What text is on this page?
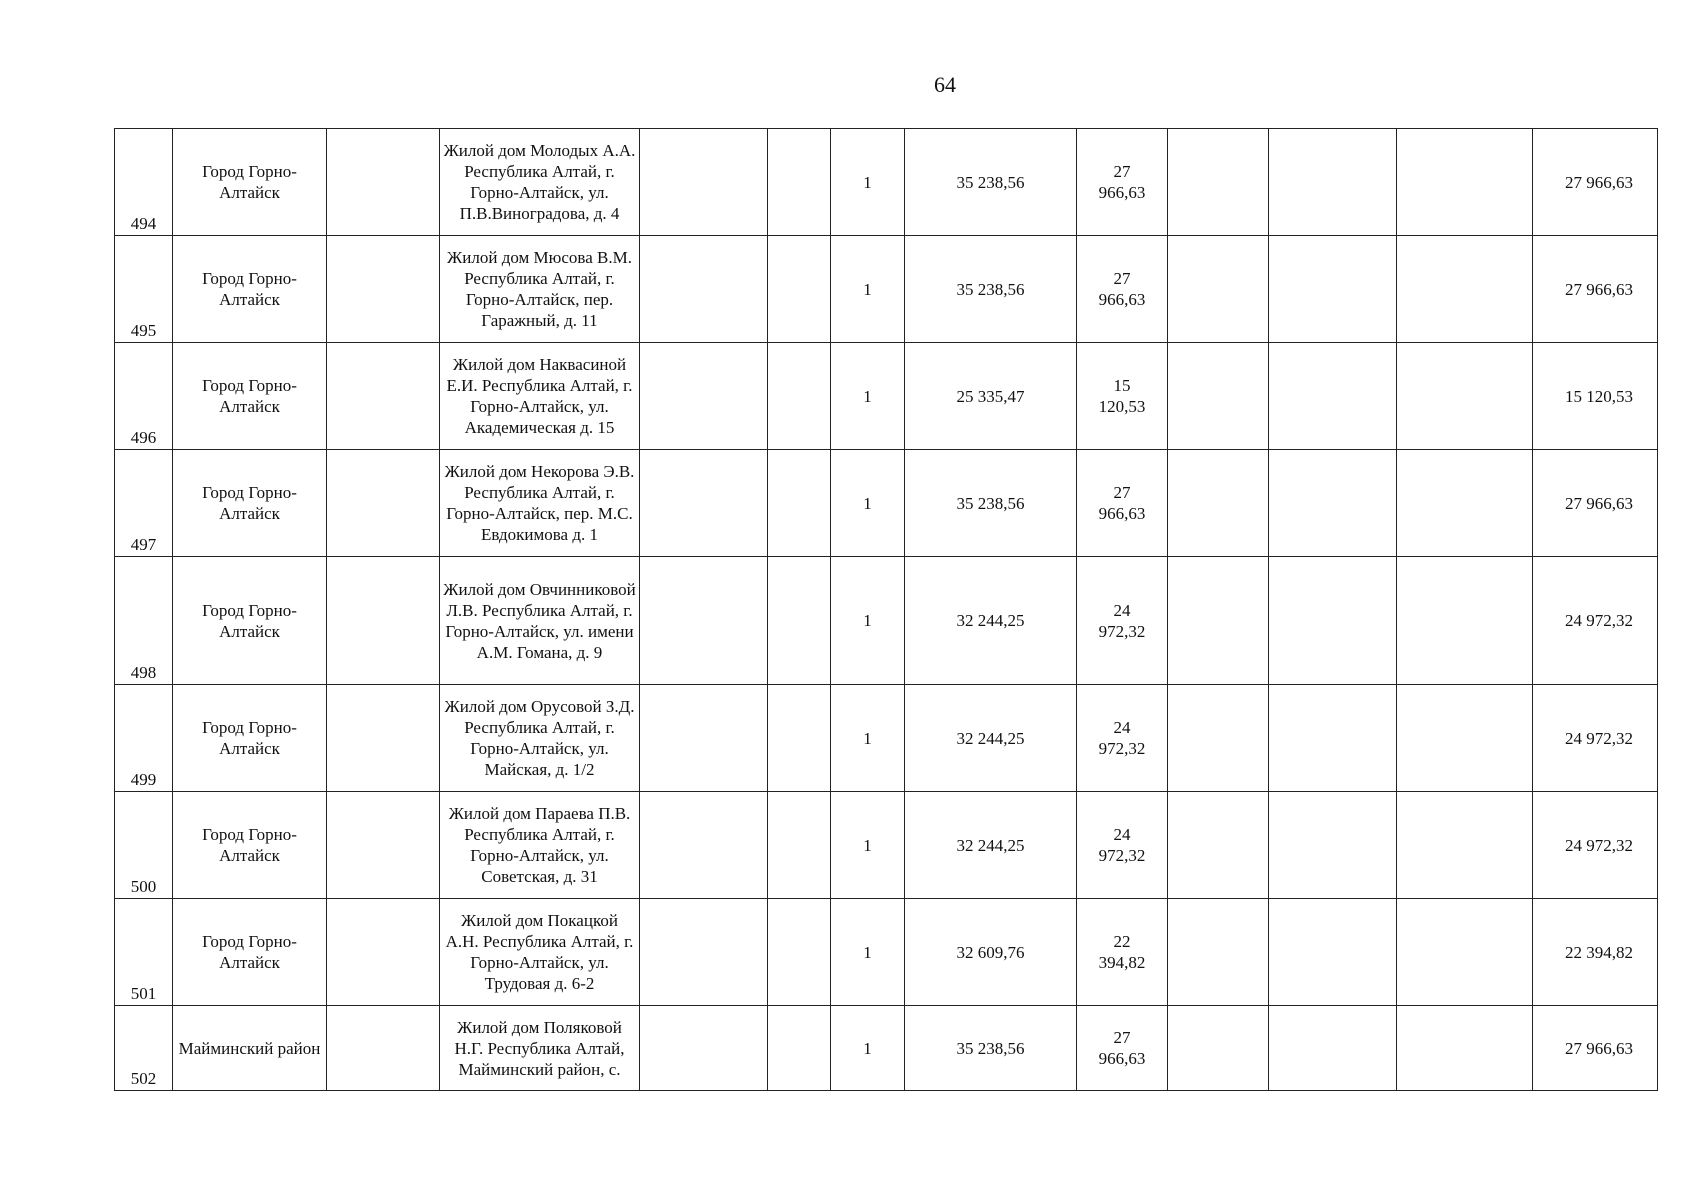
64
494	Город Горно-Алтайск		Жилой дом Молодых А.А. Республика Алтай, г. Горно-Алтайск, ул. П.В.Виноградова, д. 4			1	35 238,56	27 966,63				27 966,63
495	Город Горно-Алтайск		Жилой дом Мюсова В.М. Республика Алтай, г. Горно-Алтайск, пер. Гаражный, д. 11			1	35 238,56	27 966,63				27 966,63
496	Город Горно-Алтайск		Жилой дом Наквасиной Е.И. Республика Алтай, г. Горно-Алтайск, ул. Академическая д. 15			1	25 335,47	15 120,53				15 120,53
497	Город Горно-Алтайск		Жилой дом Некорова Э.В. Республика Алтай, г. Горно-Алтайск, пер. М.С. Евдокимова д. 1			1	35 238,56	27 966,63				27 966,63
498	Город Горно-Алтайск		Жилой дом Овчинниковой Л.В. Республика Алтай, г. Горно-Алтайск, ул. имени А.М. Гомана, д. 9			1	32 244,25	24 972,32				24 972,32
499	Город Горно-Алтайск		Жилой дом Орусовой З.Д. Республика Алтай, г. Горно-Алтайск, ул. Майская, д. 1/2			1	32 244,25	24 972,32				24 972,32
500	Город Горно-Алтайск		Жилой дом Параева П.В. Республика Алтай, г. Горно-Алтайск, ул. Советская, д. 31			1	32 244,25	24 972,32				24 972,32
501	Город Горно-Алтайск		Жилой дом Покацкой А.Н. Республика Алтай, г. Горно-Алтайск, ул. Трудовая д. 6-2			1	32 609,76	22 394,82				22 394,82
502	Майминский район		Жилой дом Поляковой Н.Г. Республика Алтай, Майминский район, с.			1	35 238,56	27 966,63				27 966,63
